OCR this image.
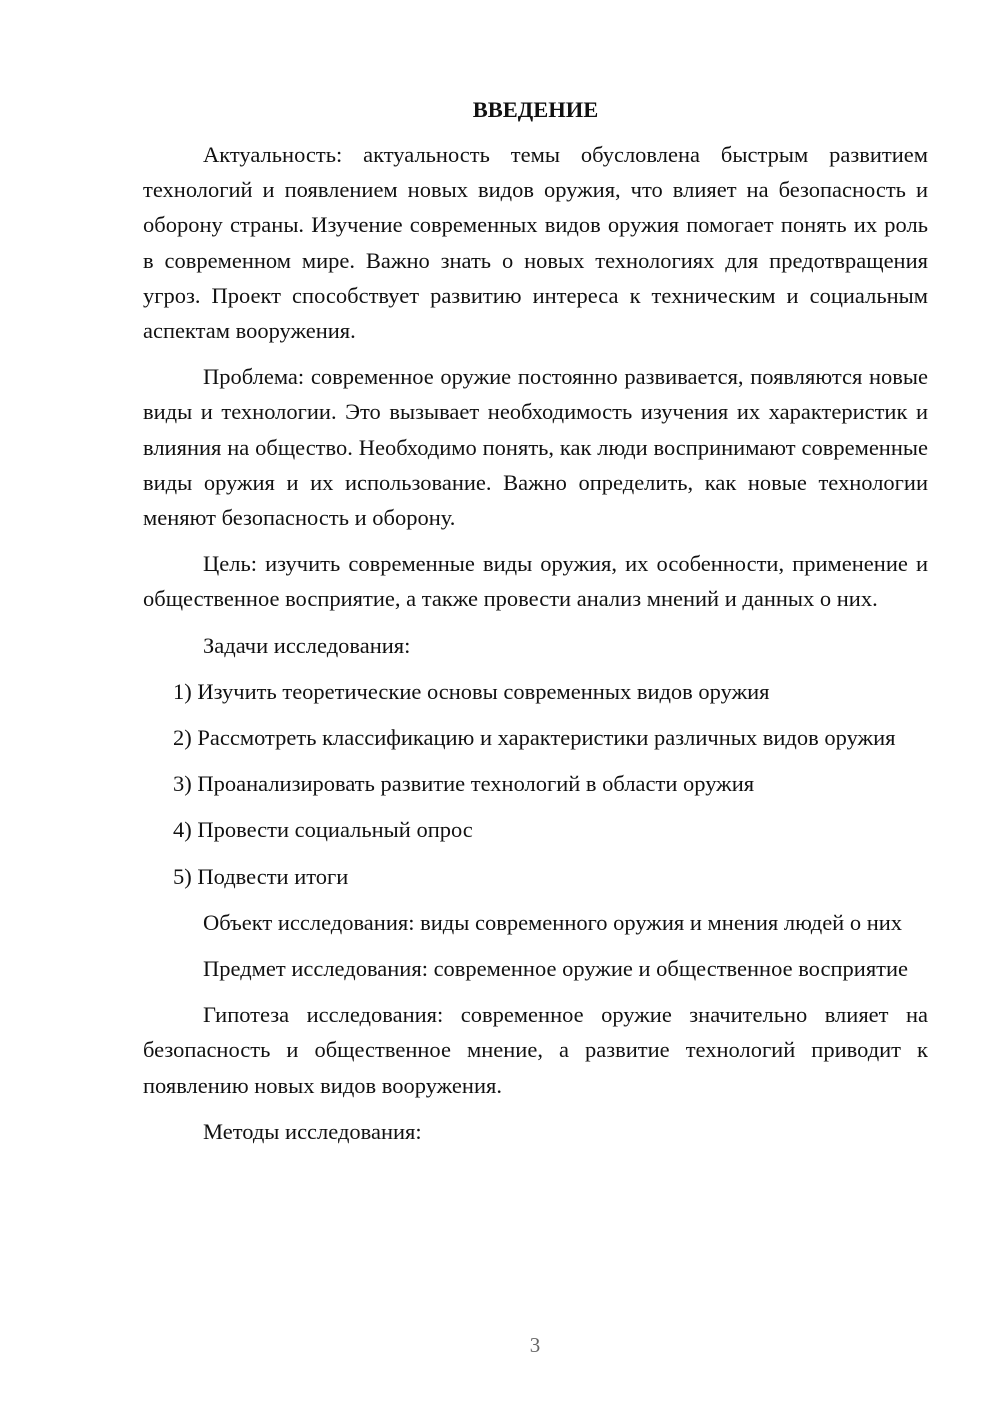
ВВЕДЕНИЕ

Актуальность: актуальность темы обусловлена быстрым развитием технологий и появлением новых видов оружия, что влияет на безопасность и оборону страны. Изучение современных видов оружия помогает понять их роль в современном мире. Важно знать о новых технологиях для предотвращения угроз. Проект способствует развитию интереса к техническим и социальным аспектам вооружения.

Проблема: современное оружие постоянно развивается, появляются новые виды и технологии. Это вызывает необходимость изучения их характеристик и влияния на общество. Необходимо понять, как люди воспринимают современные виды оружия и их использование. Важно определить, как новые технологии меняют безопасность и оборону.

Цель: изучить современные виды оружия, их особенности, применение и общественное восприятие, а также провести анализ мнений и данных о них.

Задачи исследования:

1) Изучить теоретические основы современных видов оружия

2) Рассмотреть классификацию и характеристики различных видов оружия

3) Проанализировать развитие технологий в области оружия

4) Провести социальный опрос

5) Подвести итоги

Объект исследования: виды современного оружия и мнения людей о них

Предмет исследования: современное оружие и общественное восприятие

Гипотеза исследования: современное оружие значительно влияет на безопасность и общественное мнение, а развитие технологий приводит к появлению новых видов вооружения.

Методы исследования:

3
